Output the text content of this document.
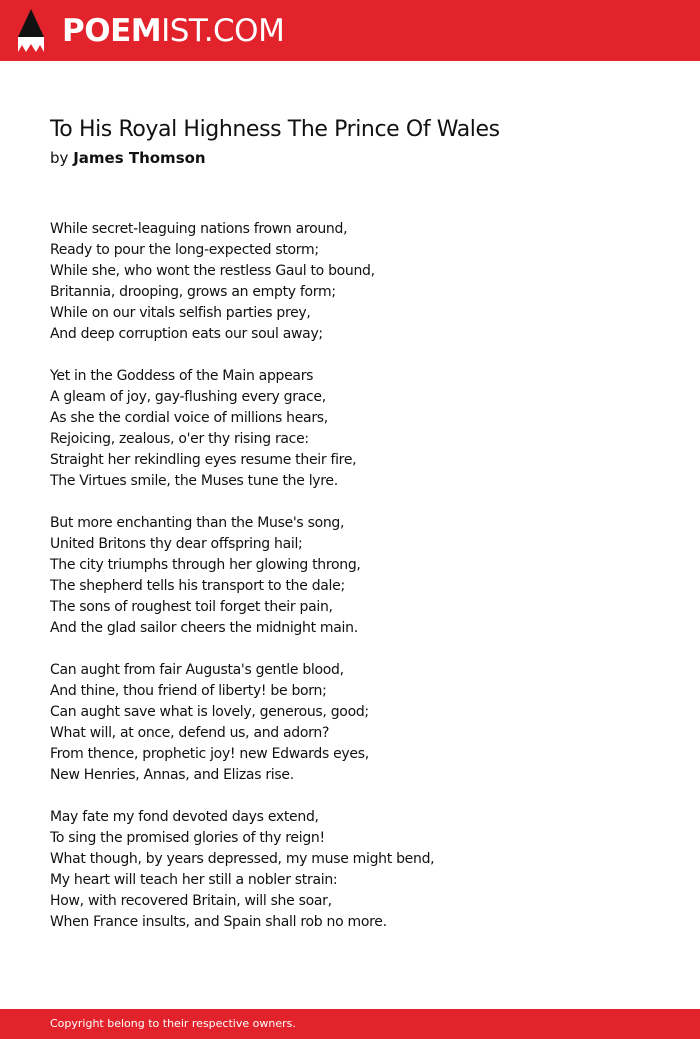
POEMIST.COM
To His Royal Highness The Prince Of Wales
by James Thomson
While secret-leaguing nations frown around,
Ready to pour the long-expected storm;
While she, who wont the restless Gaul to bound,
Britannia, drooping, grows an empty form;
While on our vitals selfish parties prey,
And deep corruption eats our soul away;
Yet in the Goddess of the Main appears
A gleam of joy, gay-flushing every grace,
As she the cordial voice of millions hears,
Rejoicing, zealous, o'er thy rising race:
Straight her rekindling eyes resume their fire,
The Virtues smile, the Muses tune the lyre.
But more enchanting than the Muse's song,
United Britons thy dear offspring hail;
The city triumphs through her glowing throng,
The shepherd tells his transport to the dale;
The sons of roughest toil forget their pain,
And the glad sailor cheers the midnight main.
Can aught from fair Augusta's gentle blood,
And thine, thou friend of liberty! be born;
Can aught save what is lovely, generous, good;
What will, at once, defend us, and adorn?
From thence, prophetic joy! new Edwards eyes,
New Henries, Annas, and Elizas rise.
May fate my fond devoted days extend,
To sing the promised glories of thy reign!
What though, by years depressed, my muse might bend,
My heart will teach her still a nobler strain:
How, with recovered Britain, will she soar,
When France insults, and Spain shall rob no more.
Copyright belong to their respective owners.
